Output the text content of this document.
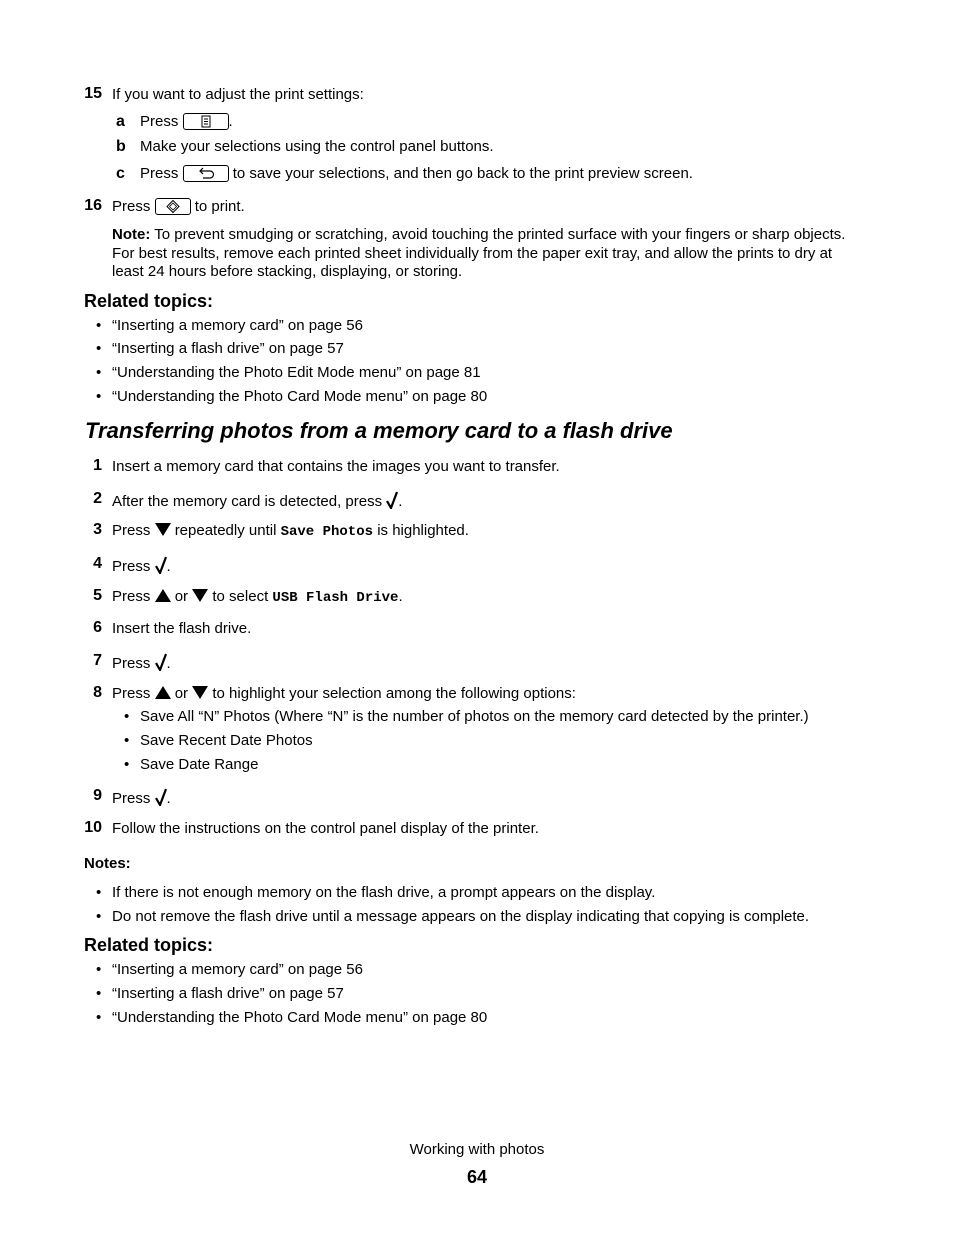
15 If you want to adjust the print settings:
a Press	.
b Make your selections using the control panel buttons.
c Press	to save your selections, and then go back to the print preview screen.
16 Press	to print.
Note: To prevent smudging or scratching, avoid touching the printed surface with your fingers or sharp objects.
For best results, remove each printed sheet individually from the paper exit tray, and allow the prints to dry at
least 24 hours before stacking, displaying, or storing.
Related topics:
• “Inserting a memory card” on page 56
• “Inserting a flash drive” on page 57
• “Understanding the Photo Edit Mode menu” on page 81
• “Understanding the Photo Card Mode menu” on page 80
Transferring photos from a memory card to a flash drive
1 Insert a memory card that contains the images you want to transfer.
2 After the memory card is detected, press .
3 Press repeatedly until Save Photos is highlighted.
4 Press .
5 Press or to select USB Flash Drive.
6 Insert the flash drive.
7 Press .
8 Press or to highlight your selection among the following options:
• Save All “N” Photos (Where “N” is the number of photos on the memory card detected by the printer.)
• Save Recent Date Photos
• Save Date Range
9 Press .
10 Follow the instructions on the control panel display of the printer.
Notes:
• If there is not enough memory on the flash drive, a prompt appears on the display.
• Do not remove the flash drive until a message appears on the display indicating that copying is complete.
Related topics:
• “Inserting a memory card” on page 56
• “Inserting a flash drive” on page 57
• “Understanding the Photo Card Mode menu” on page 80
Working with photos
64
